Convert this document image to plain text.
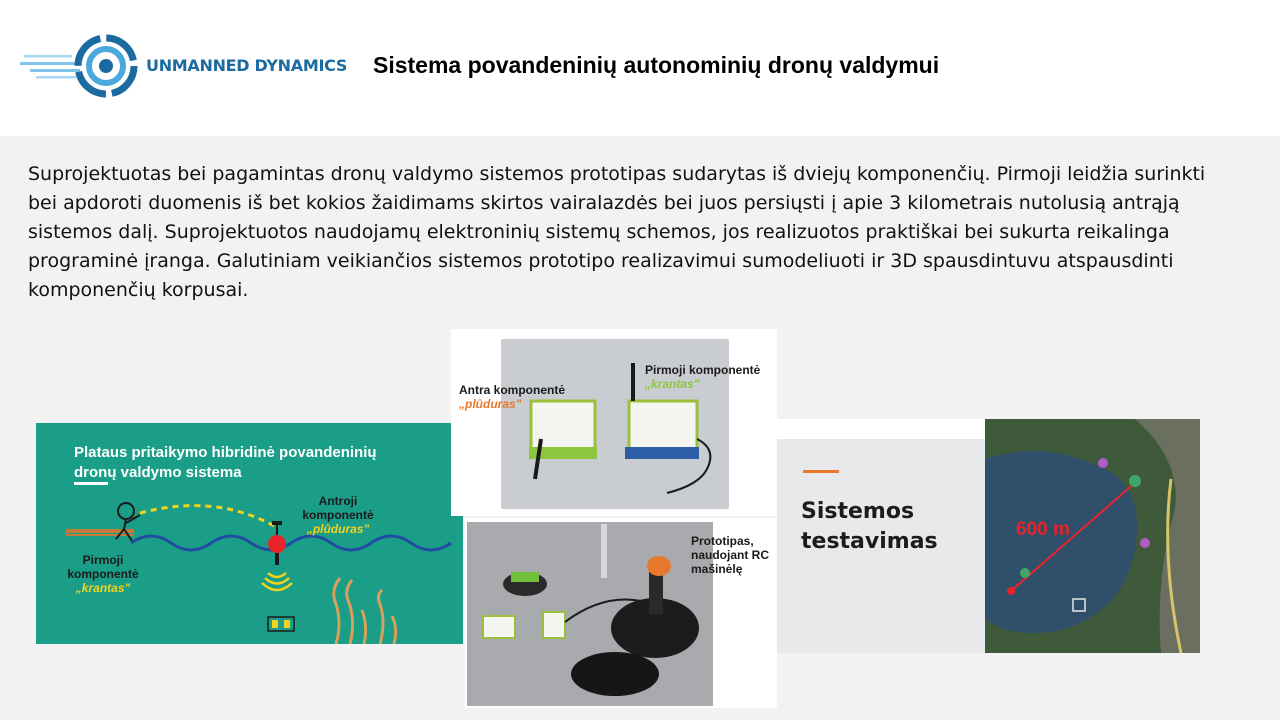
UNMANNED DYNAMICS Sistema povandeninių autonominių dronų valdymui
Suprojektuotas bei pagamintas dronų valdymo sistemos prototipas sudarytas iš dviejų komponenčių. Pirmoji leidžia surinkti bei apdoroti duomenis iš bet kokios žaidimams skirtos vairalazdės bei juos persiųsti į apie 3 kilometrais nutolusią antrąją sistemos dalį. Suprojektuotos naudojamų elektroninių sistemų schemos, jos realizuotos praktiškai bei sukurta reikalinga programinė įranga. Galutiniam veikiančios sistemos prototipo realizavimui sumodeliuoti ir 3D spausdintuvu atspausdinti komponenčių korpusai.
Plataus pritaikymo hibridinė povandeninių dronų valdymo sistema
Pirmoji komponentė
„krantas"
Antroji komponentė
„plūduras"
Antra komponentė
„plūduras"
Pirmoji komponentė
„krantas"
Prototipas, naudojant RC mašinėlę
Sistemos testavimas	600 m
